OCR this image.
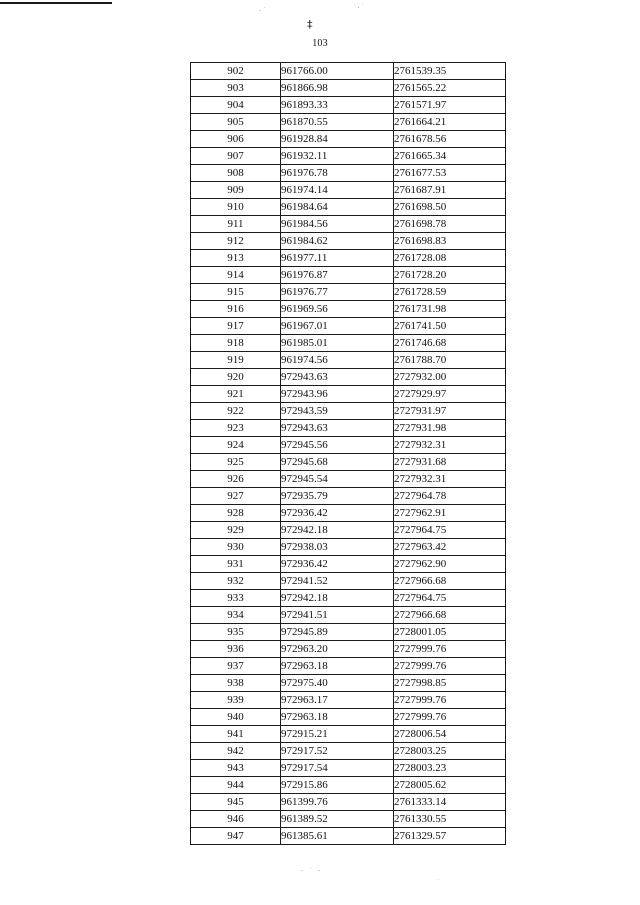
‡
·˙	˙·˙
· ˙ ·
˙
103
902	961766.00	2761539.35
903	961866.98	2761565.22
904	961893.33	2761571.97
905	961870.55	2761664.21
906	961928.84	2761678.56
907	961932.11	2761665.34
908	961976.78	2761677.53
909	961974.14	2761687.91
910	961984.64	2761698.50
911	961984.56	2761698.78
912	961984.62	2761698.83
913	961977.11	2761728.08
914	961976.87	2761728.20
915	961976.77	2761728.59
916	961969.56	2761731.98
917	961967.01	2761741.50
918	961985.01	2761746.68
919	961974.56	2761788.70
920	972943.63	2727932.00
921	972943.96	2727929.97
922	972943.59	2727931.97
923	972943.63	2727931.98
924	972945.56	2727932.31
925	972945.68	2727931.68
926	972945.54	2727932.31
927	972935.79	2727964.78
928	972936.42	2727962.91
929	972942.18	2727964.75
930	972938.03	2727963.42
931	972936.42	2727962.90
932	972941.52	2727966.68
933	972942.18	2727964.75
934	972941.51	2727966.68
935	972945.89	2728001.05
936	972963.20	2727999.76
937	972963.18	2727999.76
938	972975.40	2727998.85
939	972963.17	2727999.76
940	972963.18	2727999.76
941	972915.21	2728006.54
942	972917.52	2728003.25
943	972917.54	2728003.23
944	972915.86	2728005.62
945	961399.76	2761333.14
946	961389.52	2761330.55
947	961385.61	2761329.57
